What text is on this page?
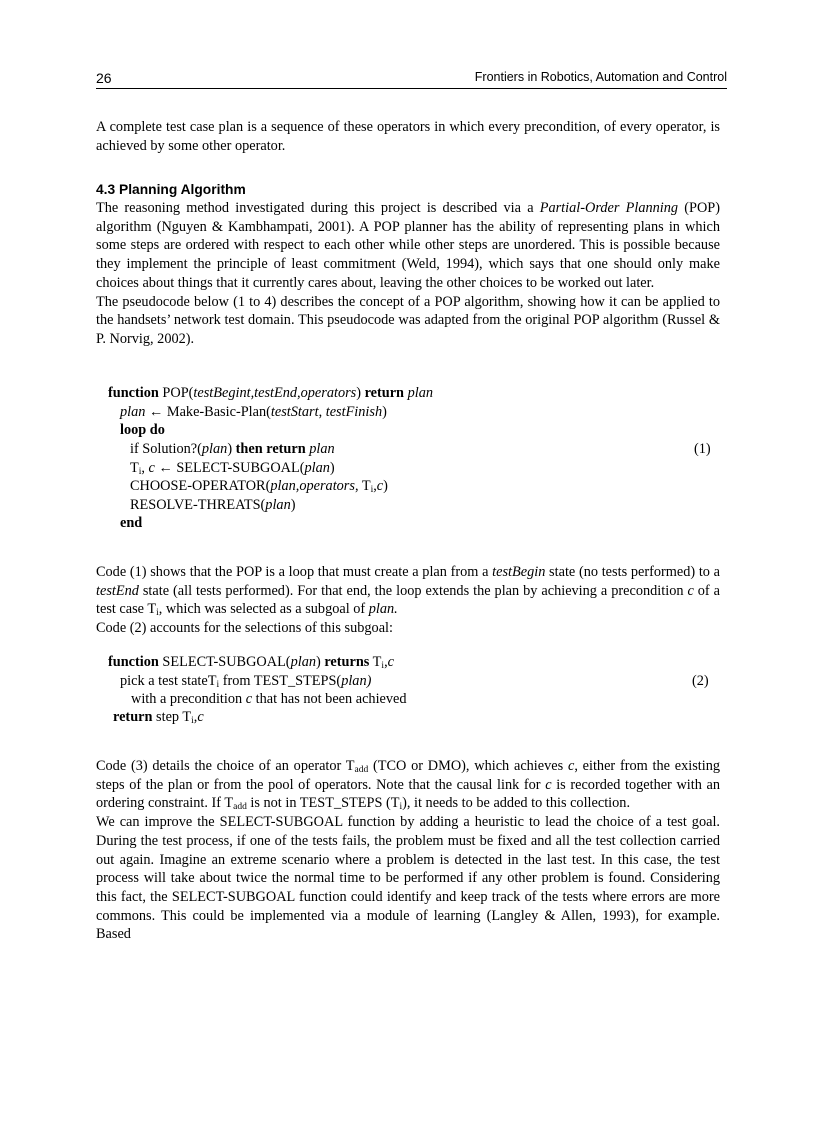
26	Frontiers in Robotics, Automation and Control

A complete test case plan is a sequence of these operators in which every precondition, of every operator, is achieved by some other operator.

4.3 Planning Algorithm

The reasoning method investigated during this project is described via a Partial-Order Planning (POP) algorithm (Nguyen & Kambhampati, 2001). A POP planner has the ability of representing plans in which some steps are ordered with respect to each other while other steps are unordered. This is possible because they implement the principle of least commitment (Weld, 1994), which says that one should only make choices about things that it currently cares about, leaving the other choices to be worked out later.

The pseudocode below (1 to 4) describes the concept of a POP algorithm, showing how it can be applied to the handsets’ network test domain. This pseudocode was adapted from the original POP algorithm (Russel & P. Norvig, 2002).

function POP(testBegint,testEnd,operators) return plan
plan ← Make-Basic-Plan(testStart, testFinish)
loop do
if Solution?(plan) then return plan
$T_i$, c ← SELECT-SUBGOAL(plan)
CHOOSE-OPERATOR(plan,operators, $T_i,c$)
RESOLVE-THREATS(plan)
end
(1)

Code (1) shows that the POP is a loop that must create a plan from a testBegin state (no tests performed) to a testEnd state (all tests performed). For that end, the loop extends the plan by achieving a precondition c of a test case $T_i$, which was selected as a subgoal of plan.

Code (2) accounts for the selections of this subgoal:

function SELECT-SUBGOAL(plan) returns $T_i,c$
pick a test stateT$_i$ from TEST_STEPS(plan)
with a precondition c that has not been achieved
return step $T_i,c$
(2)

Code (3) details the choice of an operator $T_{add}$ (TCO or DMO), which achieves c, either from the existing steps of the plan or from the pool of operators. Note that the causal link for c is recorded together with an ordering constraint. If $T_{add}$ is not in TEST_STEPS $(T_i)$, it needs to be added to this collection.

We can improve the SELECT-SUBGOAL function by adding a heuristic to lead the choice of a test goal. During the test process, if one of the tests fails, the problem must be fixed and all the test collection carried out again. Imagine an extreme scenario where a problem is detected in the last test. In this case, the test process will take about twice the normal time to be performed if any other problem is found. Considering this fact, the SELECT-SUBGOAL function could identify and keep track of the tests where errors are more commons. This could be implemented via a module of learning (Langley & Allen, 1993), for example. Based
